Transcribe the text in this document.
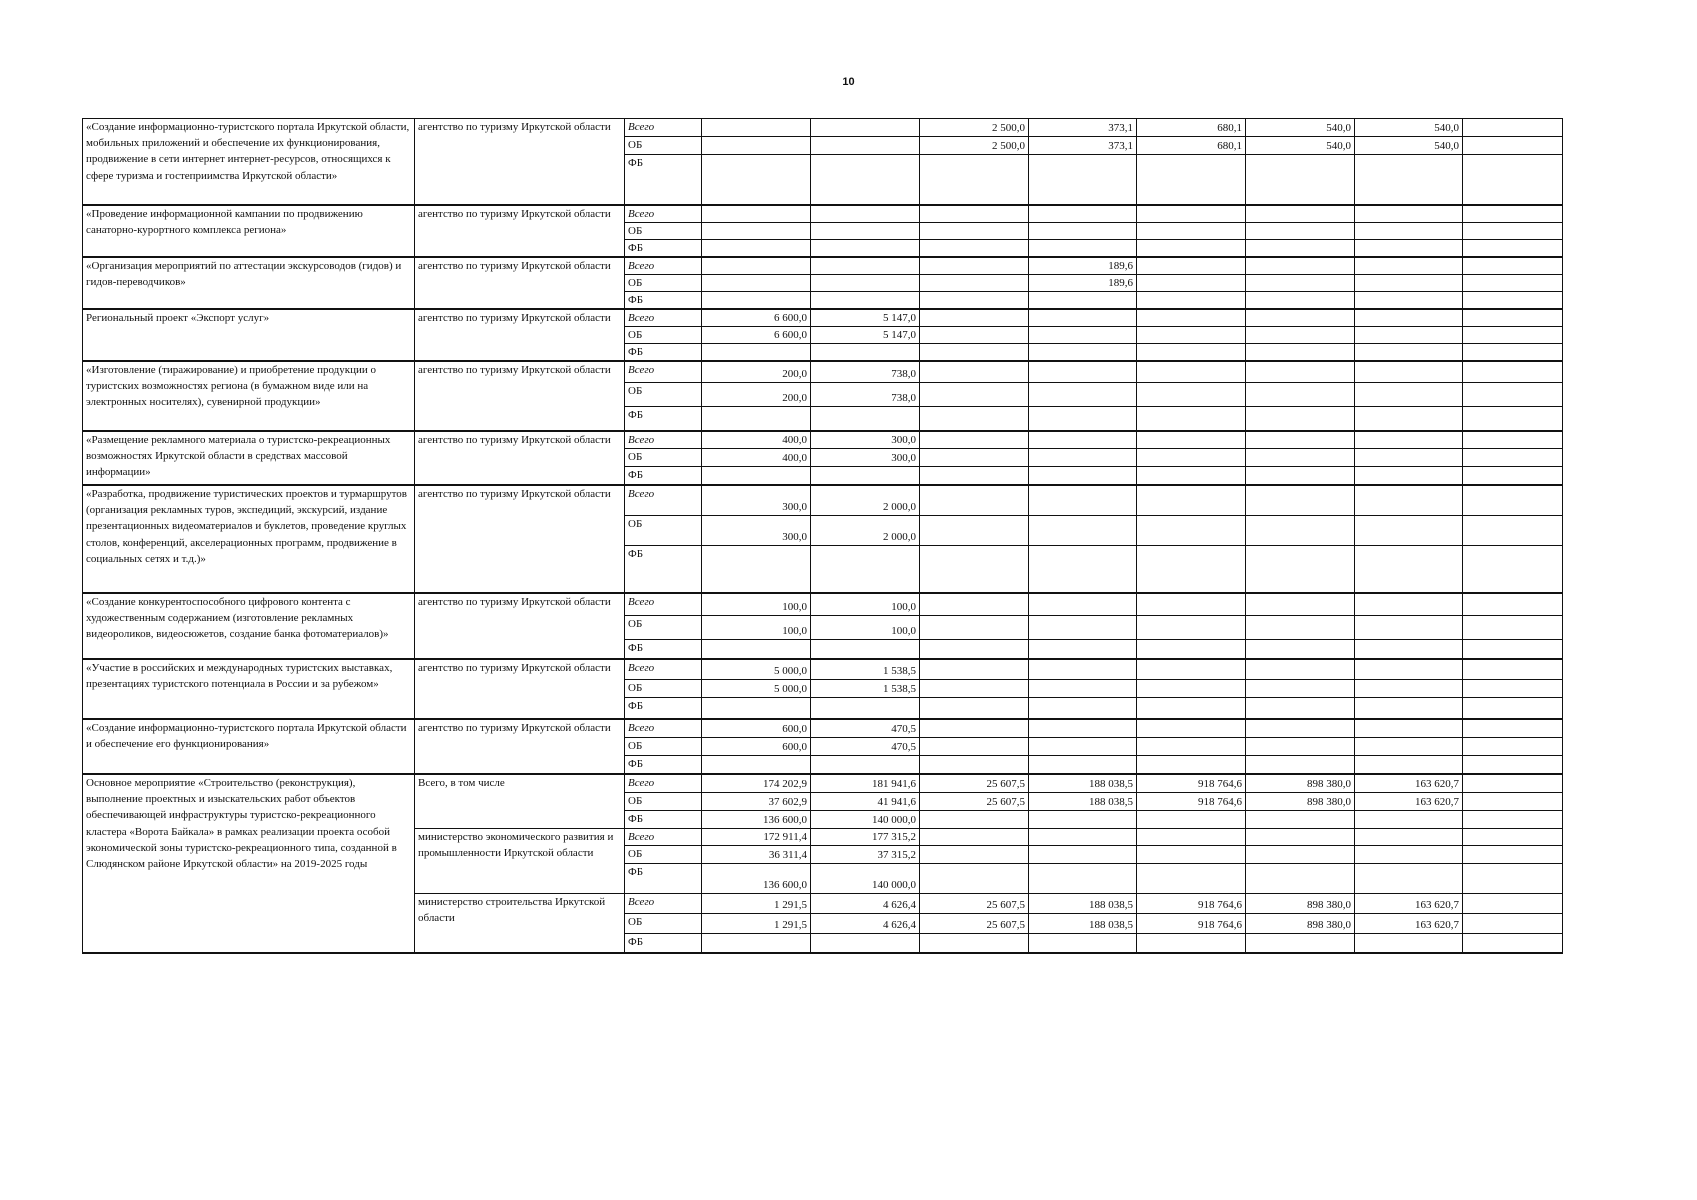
10
«Создание информационно-туристского портала Иркутской области, мобильных приложений и обеспечение их функционирования, продвижение в сети интернет интернет-ресурсов, относящихся к сфере туризма и гостеприимства Иркутской области»	агентство по туризму Иркутской области	Всего			2 500,0	373,1	680,1	540,0	540,0	
		ОБ			2 500,0	373,1	680,1	540,0	540,0	
		ФБ								
«Проведение информационной кампании по продвижению санаторно-курортного комплекса региона»	агентство по туризму Иркутской области	Всего								
		ОБ								
		ФБ								
«Организация мероприятий по аттестации экскурсоводов (гидов) и гидов-переводчиков»	агентство по туризму Иркутской области	Всего				189,6				
		ОБ				189,6				
		ФБ								
Региональный проект «Экспорт услуг»	агентство по туризму Иркутской области	Всего	6 600,0	5 147,0						
		ОБ	6 600,0	5 147,0						
		ФБ								
«Изготовление (тиражирование) и приобретение продукции о туристских возможностях региона (в бумажном виде или на электронных носителях), сувенирной продукции»	агентство по туризму Иркутской области	Всего	200,0	738,0						
		ОБ	200,0	738,0						
		ФБ								
«Размещение рекламного материала о туристско-рекреационных возможностях Иркутской области в средствах массовой информации»	агентство по туризму Иркутской области	Всего	400,0	300,0						
		ОБ	400,0	300,0						
		ФБ								
«Разработка, продвижение туристических проектов и турмаршрутов (организация рекламных туров, экспедиций, экскурсий, издание презентационных видеоматериалов и буклетов, проведение круглых столов, конференций, акселерационных программ, продвижение в социальных сетях и т.д.)»	агентство по туризму Иркутской области	Всего	300,0	2 000,0						
		ОБ	300,0	2 000,0						
		ФБ								
«Создание конкурентоспособного цифрового контента с художественным содержанием (изготовление рекламных видеороликов, видеосюжетов, создание банка фотоматериалов)»	агентство по туризму Иркутской области	Всего	100,0	100,0						
		ОБ	100,0	100,0						
		ФБ								
«Участие в российских и международных туристских выставках, презентациях туристского потенциала в России и за рубежом»	агентство по туризму Иркутской области	Всего	5 000,0	1 538,5						
		ОБ	5 000,0	1 538,5						
		ФБ								
«Создание информационно-туристского портала Иркутской области и обеспечение его функционирования»	агентство по туризму Иркутской области	Всего	600,0	470,5						
		ОБ	600,0	470,5						
		ФБ								
Основное мероприятие «Строительство (реконструкция), выполнение проектных и изыскательских работ объектов обеспечивающей инфраструктуры туристско-рекреационного кластера «Ворота Байкала» в рамках реализации проекта особой экономической зоны туристско-рекреационного типа, созданной в Слюдянском районе Иркутской области» на 2019-2025 годы	Всего, в том числе	Всего	174 202,9	181 941,6	25 607,5	188 038,5	918 764,6	898 380,0	163 620,7	
		ОБ	37 602,9	41 941,6	25 607,5	188 038,5	918 764,6	898 380,0	163 620,7	
		ФБ	136 600,0	140 000,0						
	министерство экономического развития и промышленности Иркутской области	Всего	172 911,4	177 315,2						
		ОБ	36 311,4	37 315,2						
		ФБ	136 600,0	140 000,0						
	министерство строительства Иркутской области	Всего	1 291,5	4 626,4	25 607,5	188 038,5	918 764,6	898 380,0	163 620,7	
		ОБ	1 291,5	4 626,4	25 607,5	188 038,5	918 764,6	898 380,0	163 620,7	
		ФБ								
